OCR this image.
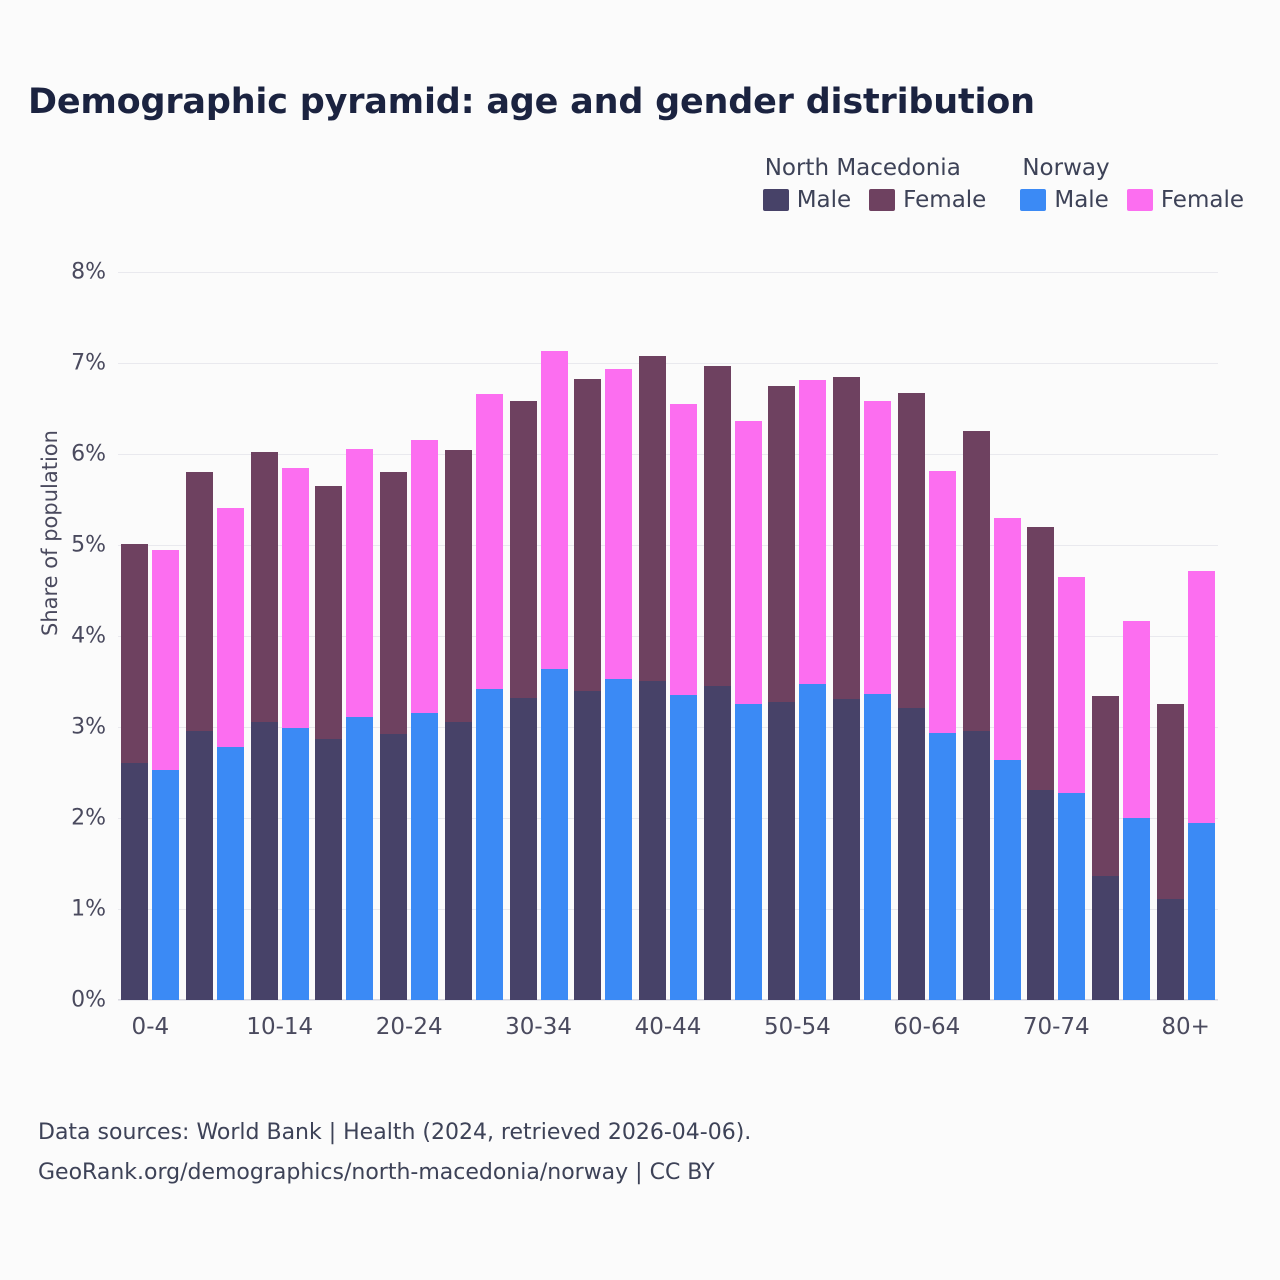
Demographic pyramid: age and gender distribution
North Macedonia
Male Female
Norway
Male Female
Share of population
0%
1%
2%
3%
4%
5%
6%
7%
8%
0-4	10-14	20-24	30-34	40-44	50-54	60-64	70-74	80+
Data sources: World Bank | Health (2024, retrieved 2026-04-06).
GeoRank.org/demographics/north-macedonia/norway | CC BY
